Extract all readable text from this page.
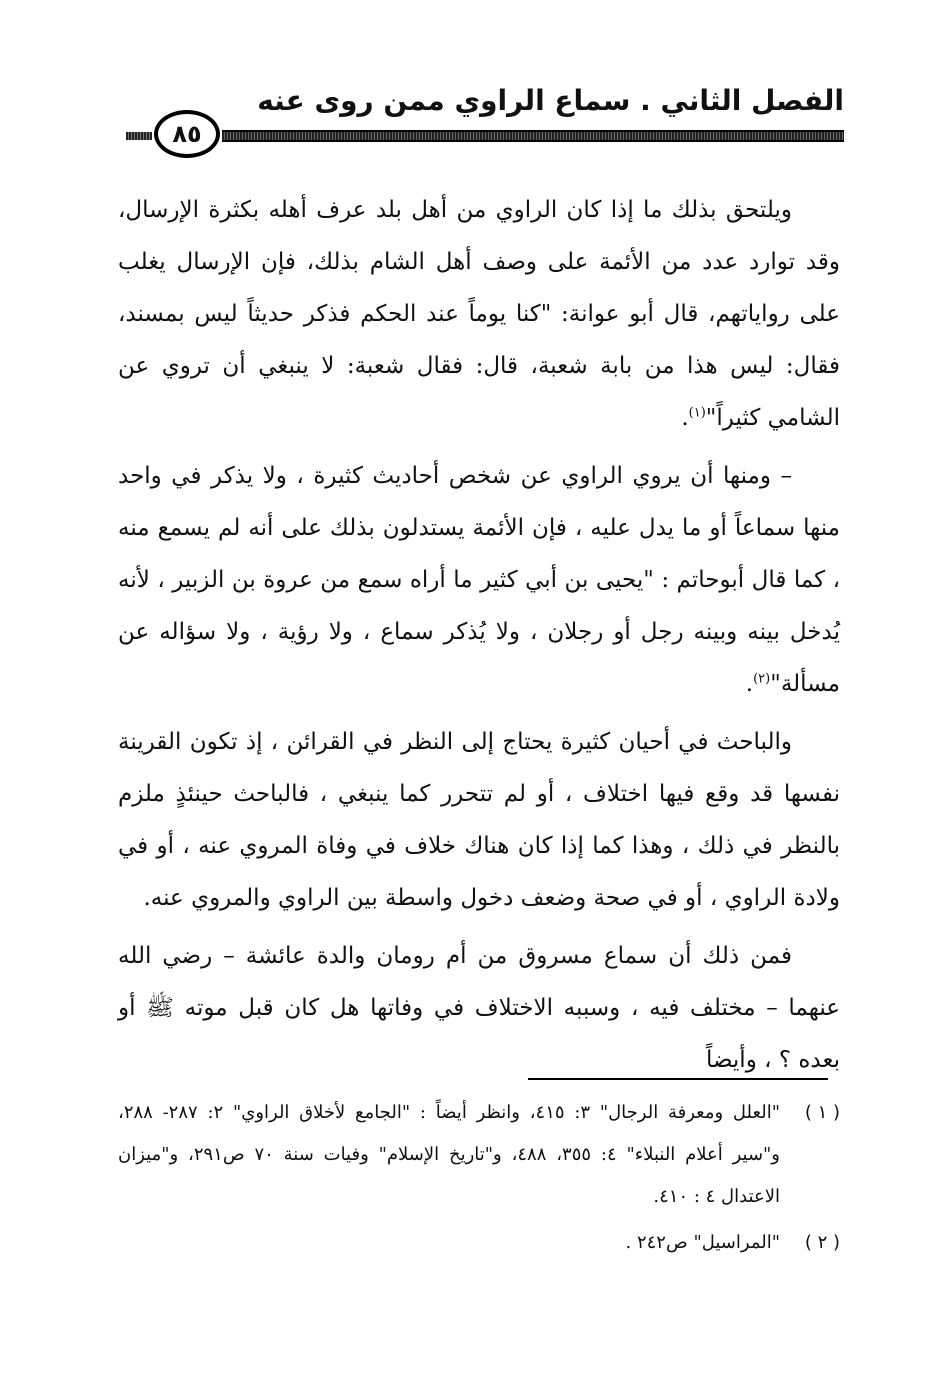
الفصل الثاني . سماع الراوي ممن روى عنه
٨٥

ويلتحق بذلك ما إذا كان الراوي من أهل بلد عرف أهله بكثرة الإرسال، وقد توارد عدد من الأئمة على وصف أهل الشام بذلك، فإن الإرسال يغلب على رواياتهم، قال أبو عوانة: "كنا يوماً عند الحكم فذكر حديثاً ليس بمسند، فقال: ليس هذا من بابة شعبة، قال: فقال شعبة: لا ينبغي أن تروي عن الشامي كثيراً"$^{(١)}$.

– ومنها أن يروي الراوي عن شخص أحاديث كثيرة ، ولا يذكر في واحد منها سماعاً أو ما يدل عليه ، فإن الأئمة يستدلون بذلك على أنه لم يسمع منه ، كما قال أبوحاتم : "يحيى بن أبي كثير ما أراه سمع من عروة بن الزبير ، لأنه يُدخل بينه وبينه رجل أو رجلان ، ولا يُذكر سماع ، ولا رؤية ، ولا سؤاله عن مسألة"$^{(٢)}$.

والباحث في أحيان كثيرة يحتاج إلى النظر في القرائن ، إذ تكون القرينة نفسها قد وقع فيها اختلاف ، أو لم تتحرر كما ينبغي ، فالباحث حينئذٍ ملزم بالنظر في ذلك ، وهذا كما إذا كان هناك خلاف في وفاة المروي عنه ، أو في ولادة الراوي ، أو في صحة وضعف دخول واسطة بين الراوي والمروي عنه.

فمن ذلك أن سماع مسروق من أم رومان والدة عائشة – رضي الله عنهما – مختلف فيه ، وسببه الاختلاف في وفاتها هل كان قبل موته ﷺ أو بعده ؟ ، وأيضاً

( ١ )
"العلل ومعرفة الرجال" ٣: ٤١٥، وانظر أيضاً : "الجامع لأخلاق الراوي" ٢: ٢٨٧- ٢٨٨، و"سير أعلام النبلاء" ٤: ٣٥٥، ٤٨٨، و"تاريخ الإسلام" وفيات سنة ٧٠ ص٢٩١، و"ميزان الاعتدال ٤ : ٤١٠.
( ٢ )
"المراسيل" ص٢٤٢ .
